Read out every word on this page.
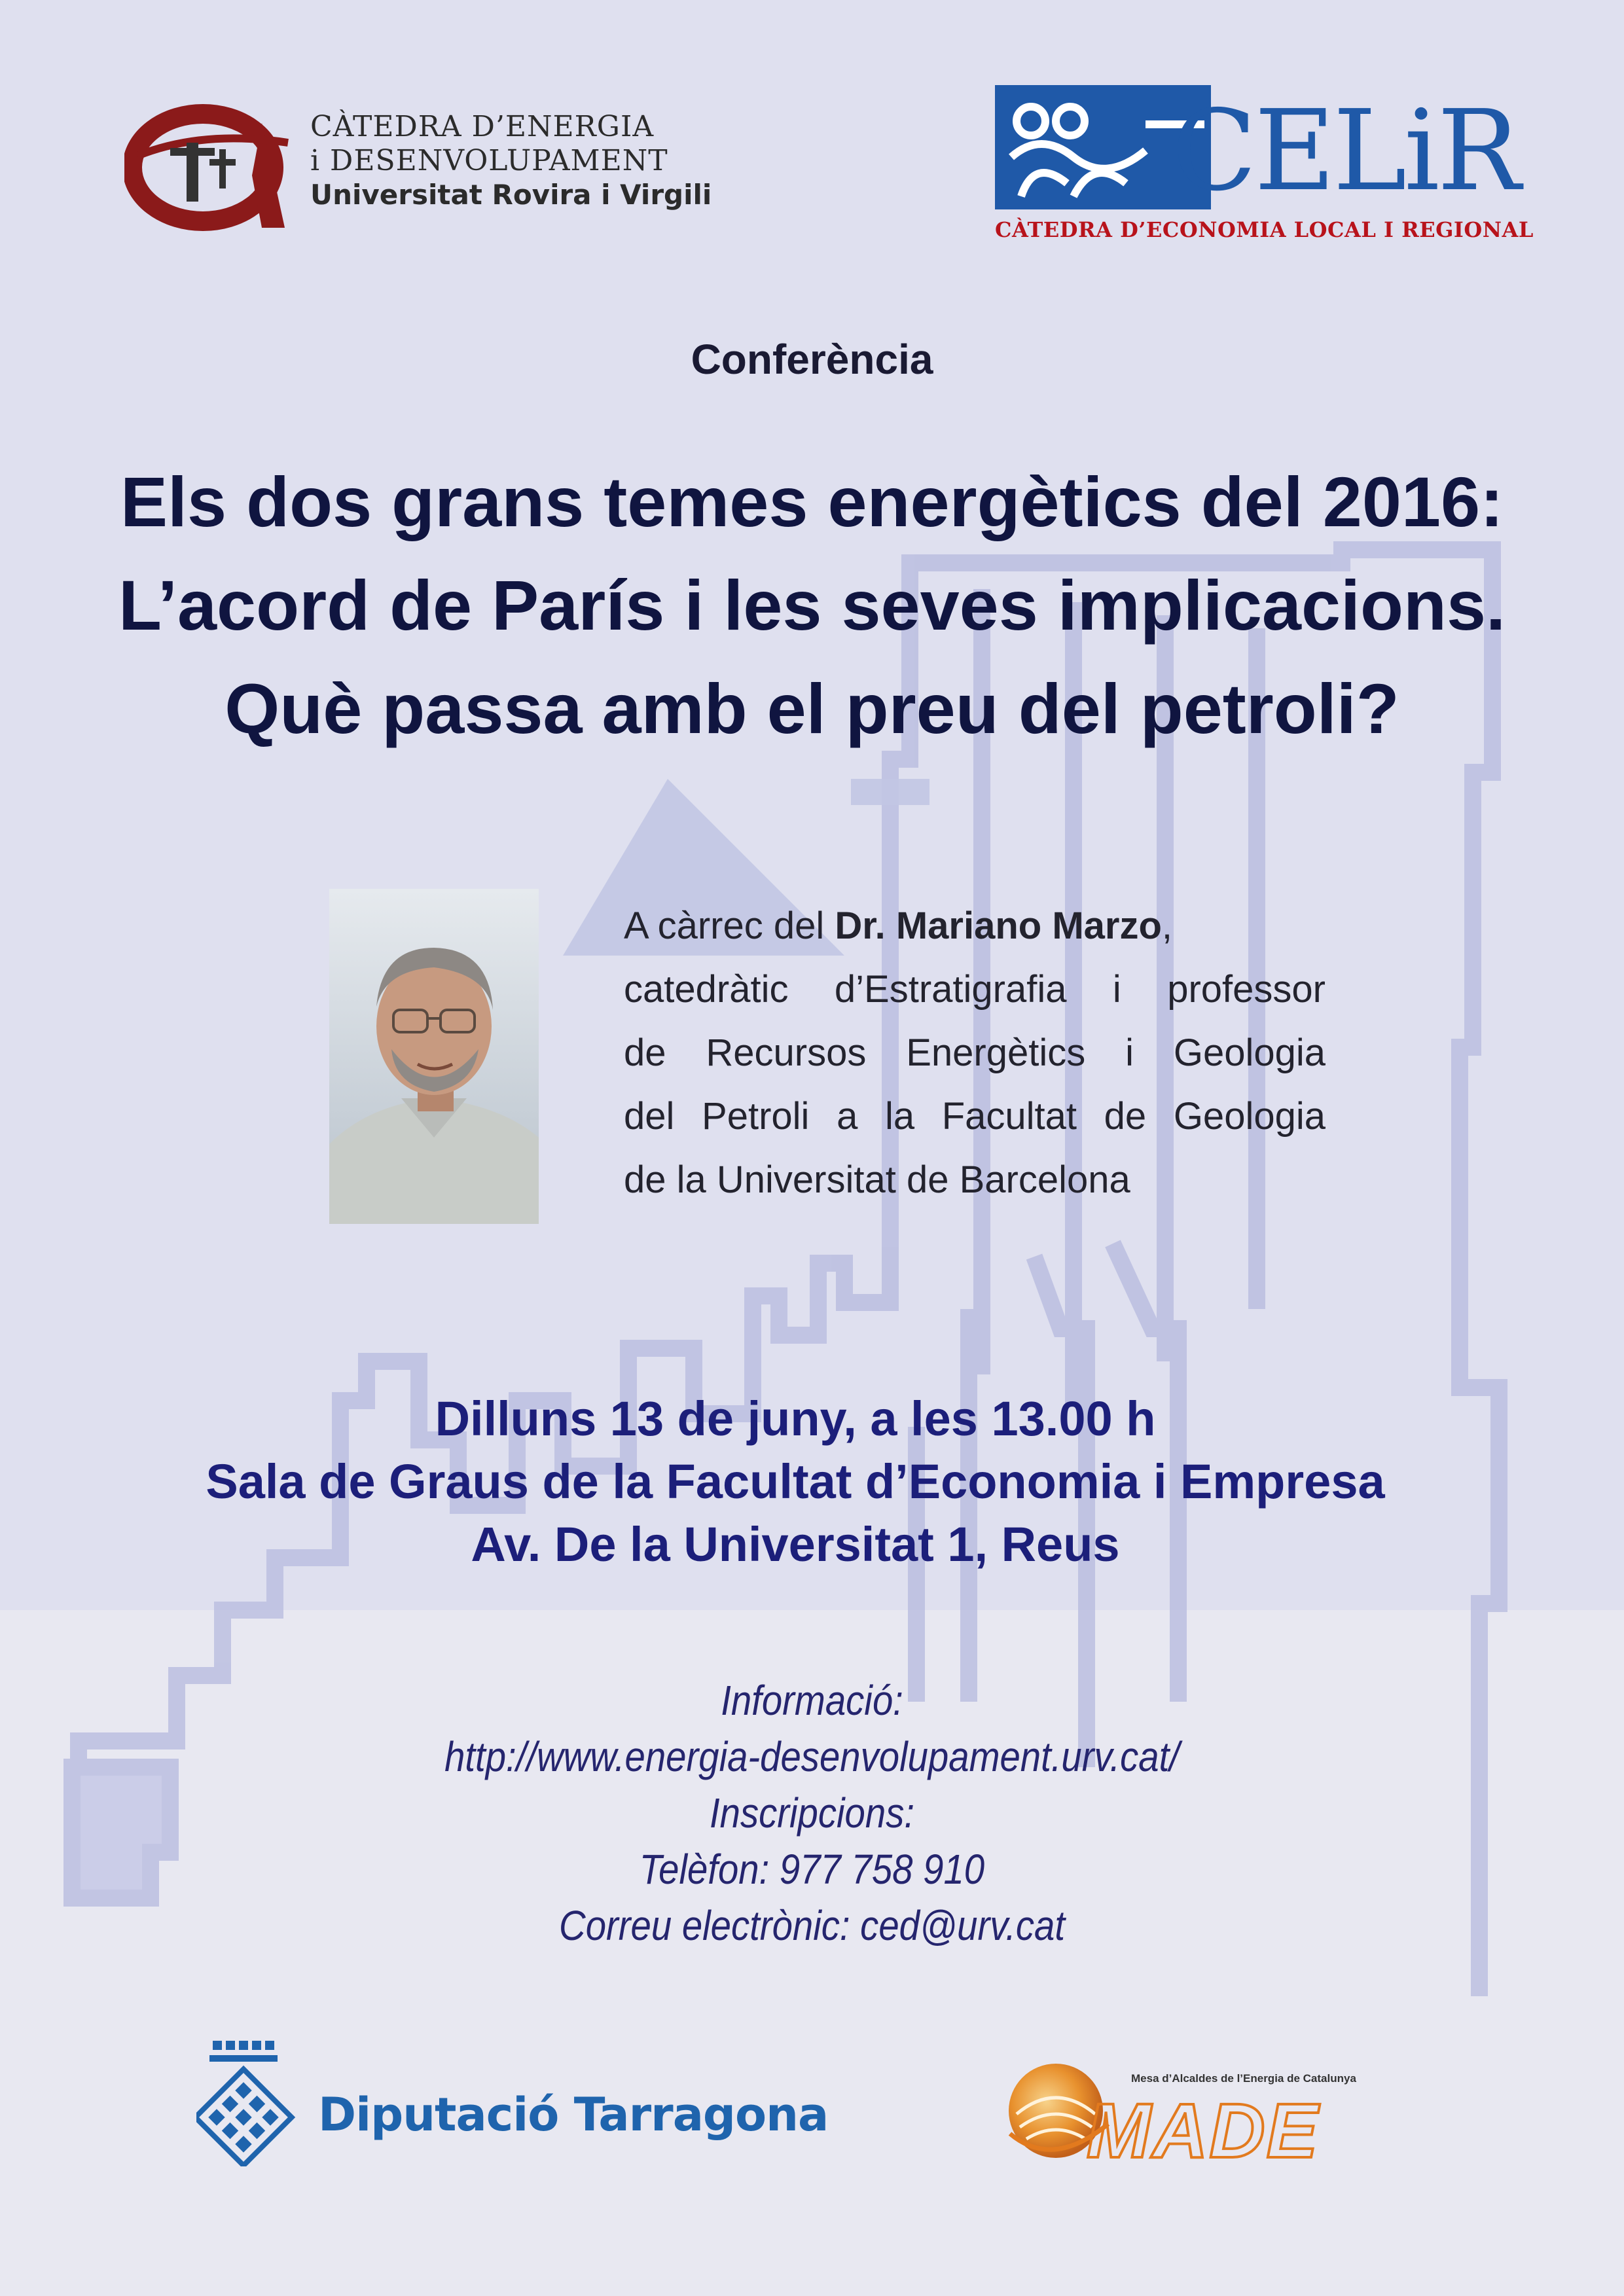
CÀTEDRA D’ENERGIA
i DESENVOLUPAMENT
Universitat Rovira i Virgili	CELiR
CÀTEDRA D’ECONOMIA LOCAL I REGIONAL
Conferència
Els dos grans temes energètics del 2016:
L’acord de París i les seves implicacions.
Què passa amb el preu del petroli?
A càrrec del Dr. Mariano Marzo,
catedràtic d’Estratigrafia i professor
de Recursos Energètics i Geologia
del Petroli a la Facultat de Geologia
de la Universitat de Barcelona
Dilluns 13 de juny, a les 13.00 h
Sala de Graus de la Facultat d’Economia i Empresa
Av. De la Universitat 1, Reus
Informació:
http://www.energia-desenvolupament.urv.cat/
Inscripcions:
Telèfon: 977 758 910
Correu electrònic: ced@urv.cat
Diputació Tarragona
Mesa d’Alcaldes de l’Energia de Catalunya
MADE
